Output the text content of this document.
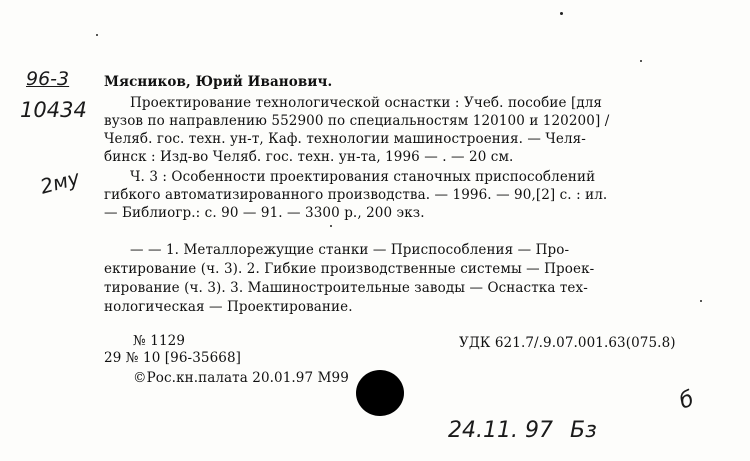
96-3
10434
2му
Мясников, Юрий Иванович.
Проектирование технологической оснастки : Учеб. пособие [для
вузов по направлению 552900 по специальностям 120100 и 120200] /
Челяб. гос. техн. ун-т, Каф. технологии машиностроения. — Челя-
бинск : Изд-во Челяб. гос. техн. ун-та, 1996 — . — 20 см.
Ч. 3 : Особенности проектирования станочных приспособлений
гибкого автоматизированного производства. — 1996. — 90,[2] с. : ил.
— Библиогр.: с. 90 — 91. — 3300 р., 200 экз.
— — 1. Металлорежущие станки — Приспособления — Про-
ектирование (ч. 3). 2. Гибкие производственные системы — Проек-
тирование (ч. 3). 3. Машиностроительные заводы — Оснастка тех-
нологическая — Проектирование.
№ 1129	УДК 621.7/.9.07.001.63(075.8)
29 № 10 [96-35668]
©Рос.кн.палата 20.01.97 М99
24.11. 97 Бз
б
